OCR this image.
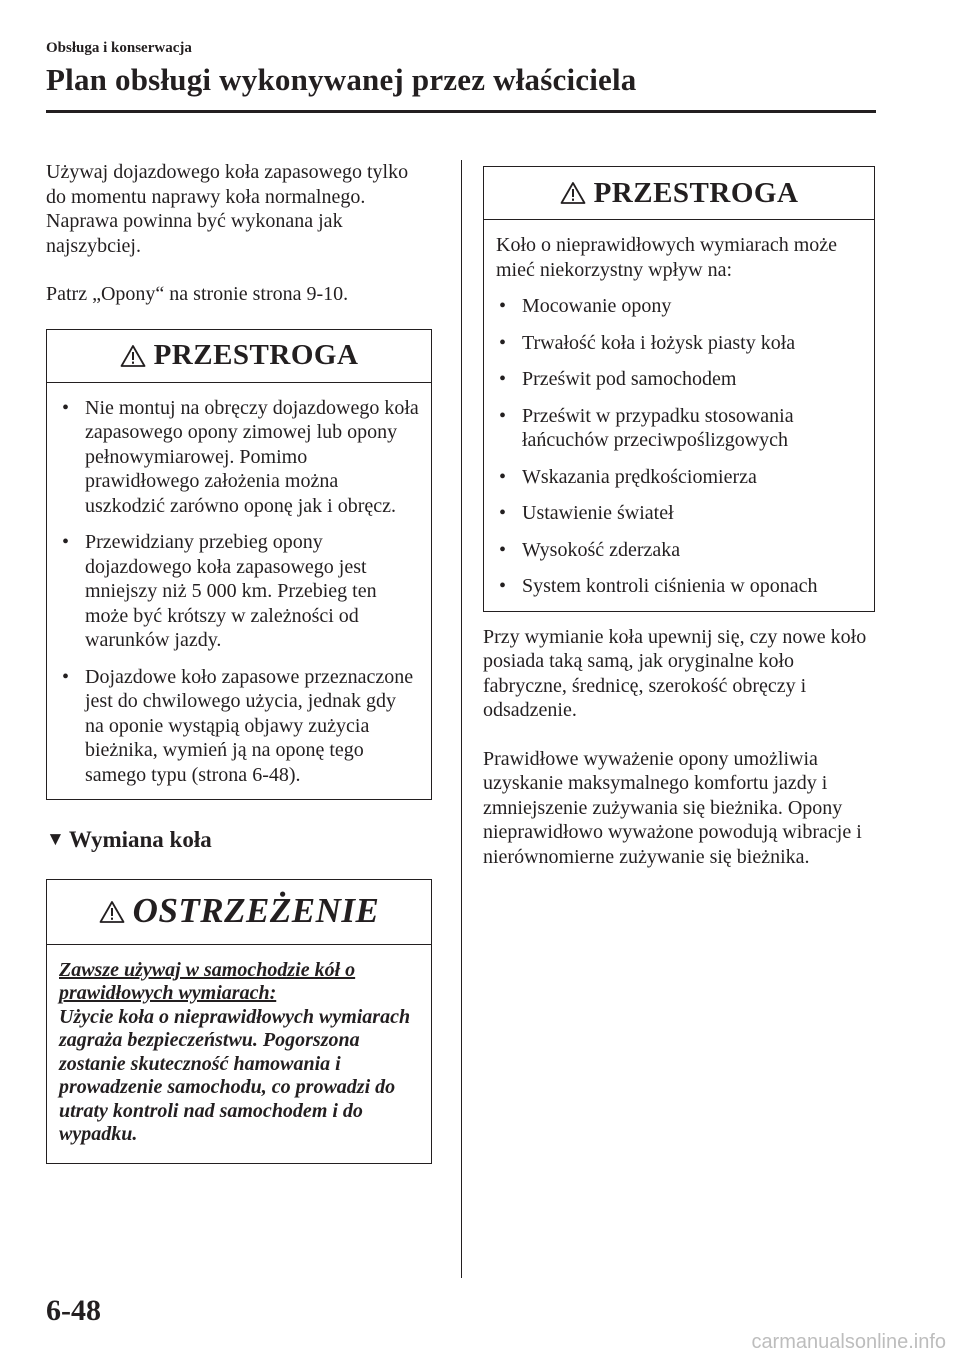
Obsługa i konserwacja
Plan obsługi wykonywanej przez właściciela

Używaj dojazdowego koła zapasowego tylko do momentu naprawy koła normalnego. Naprawa powinna być wykonana jak najszybciej.

Patrz „Opony“ na stronie strona 9-10.

PRZESTROGA
• Nie montuj na obręczy dojazdowego koła zapasowego opony zimowej lub opony pełnowymiarowej. Pomimo prawidłowego założenia można uszkodzić zarówno oponę jak i obręcz.
• Przewidziany przebieg opony dojazdowego koła zapasowego jest mniejszy niż 5 000 km. Przebieg ten może być krótszy w zależności od warunków jazdy.
• Dojazdowe koło zapasowe przeznaczone jest do chwilowego użycia, jednak gdy na oponie wystąpią objawy zużycia bieżnika, wymień ją na oponę tego samego typu (strona 6-48).
▼ Wymiana koła
OSTRZEŻENIE
Zawsze używaj w samochodzie kół o prawidłowych wymiarach:
Użycie koła o nieprawidłowych wymiarach zagraża bezpieczeństwu. Pogorszona zostanie skuteczność hamowania i prowadzenie samochodu, co prowadzi do utraty kontroli nad samochodem i do wypadku.
PRZESTROGA

Koło o nieprawidłowych wymiarach może mieć niekorzystny wpływ na:

• Mocowanie opony
• Trwałość koła i łożysk piasty koła
• Prześwit pod samochodem
• Prześwit w przypadku stosowania łańcuchów przeciwpoślizgowych
• Wskazania prędkościomierza
• Ustawienie świateł
• Wysokość zderzaka
• System kontroli ciśnienia w oponach

Przy wymianie koła upewnij się, czy nowe koło posiada taką samą, jak oryginalne koło fabryczne, średnicę, szerokość obręczy i odsadzenie.

Prawidłowe wyważenie opony umożliwia uzyskanie maksymalnego komfortu jazdy i zmniejszenie zużywania się bieżnika. Opony nieprawidłowo wyważone powodują wibracje i nierównomierne zużywanie się bieżnika.

6-48
carmanualsonline.info
